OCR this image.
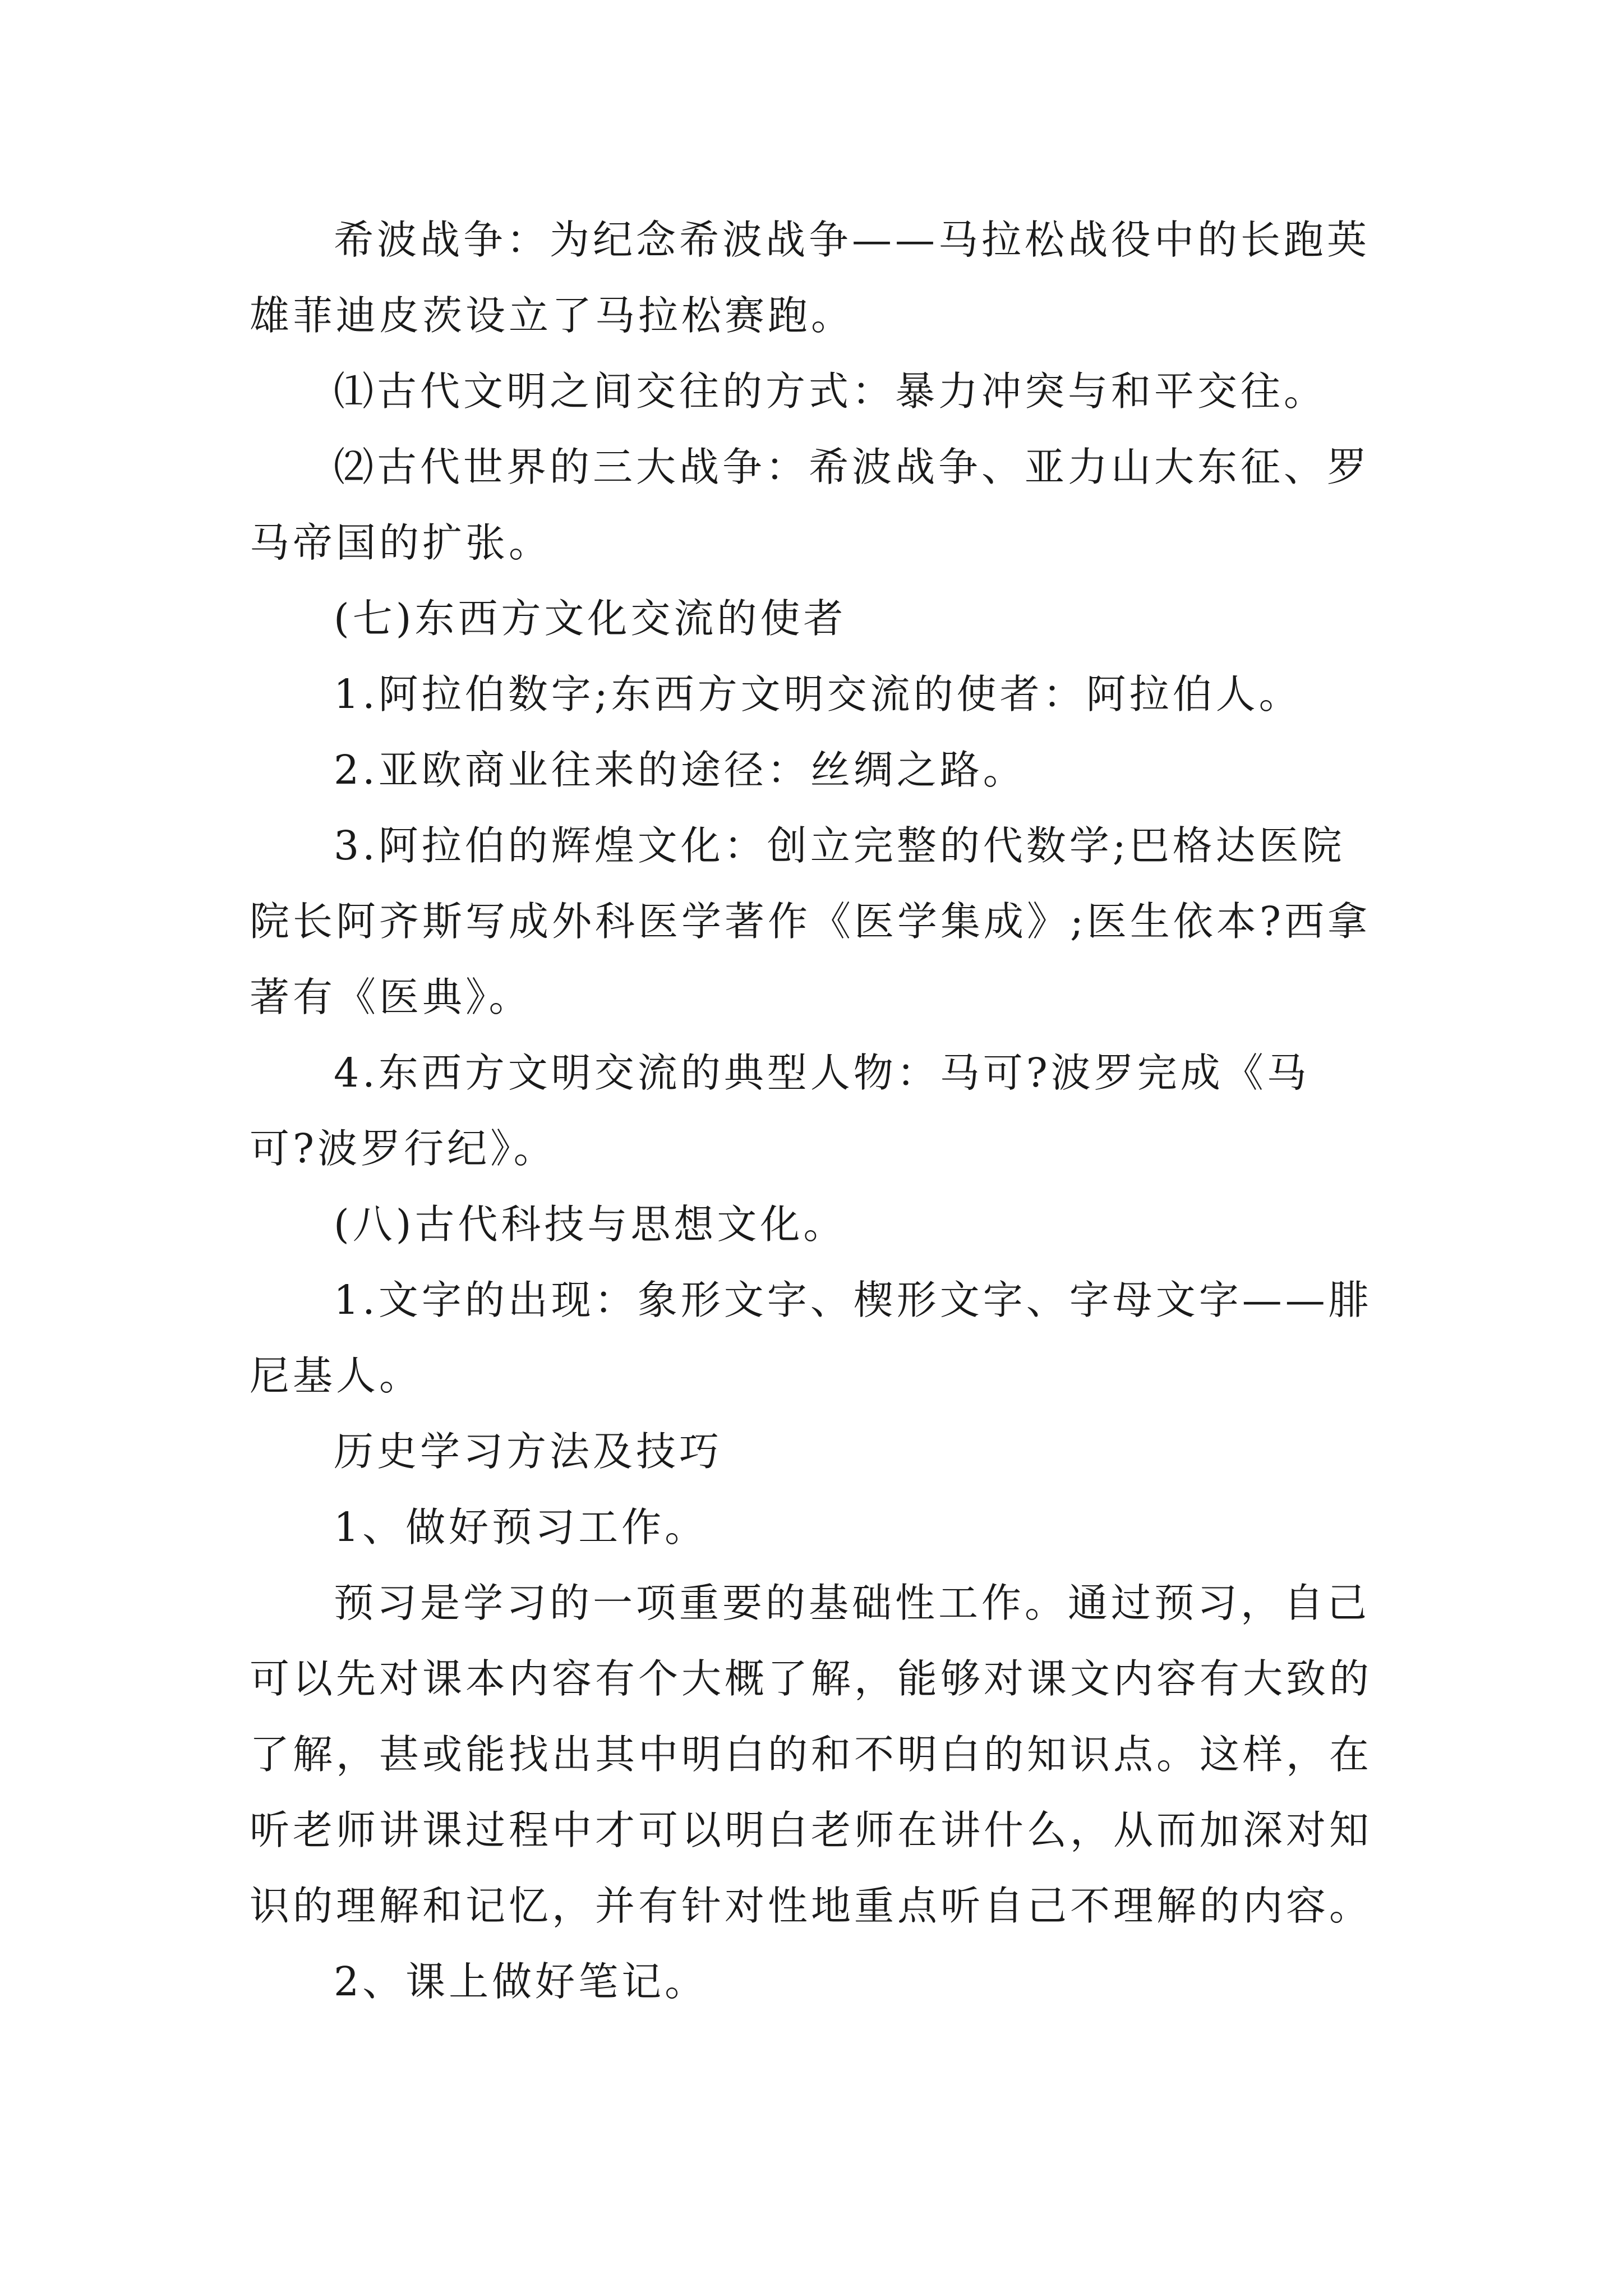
希波战争：为纪念希波战争——马拉松战役中的长跑英雄菲迪皮茨设立了马拉松赛跑。

⑴古代文明之间交往的方式：暴力冲突与和平交往。

⑵古代世界的三大战争：希波战争、亚力山大东征、罗马帝国的扩张。

(七)东西方文化交流的使者

1.阿拉伯数字;东西方文明交流的使者：阿拉伯人。

2.亚欧商业往来的途径：丝绸之路。

3.阿拉伯的辉煌文化：创立完整的代数学;巴格达医院院长阿齐斯写成外科医学著作《医学集成》;医生依本?西拿著有《医典》。

4.东西方文明交流的典型人物：马可?波罗完成《马可?波罗行纪》。

(八)古代科技与思想文化。

1.文字的出现：象形文字、楔形文字、字母文字——腓尼基人。

历史学习方法及技巧

1、做好预习工作。

预习是学习的一项重要的基础性工作。通过预习，自己可以先对课本内容有个大概了解，能够对课文内容有大致的了解，甚或能找出其中明白的和不明白的知识点。这样，在听老师讲课过程中才可以明白老师在讲什么，从而加深对知识的理解和记忆，并有针对性地重点听自己不理解的内容。

2、课上做好笔记。
